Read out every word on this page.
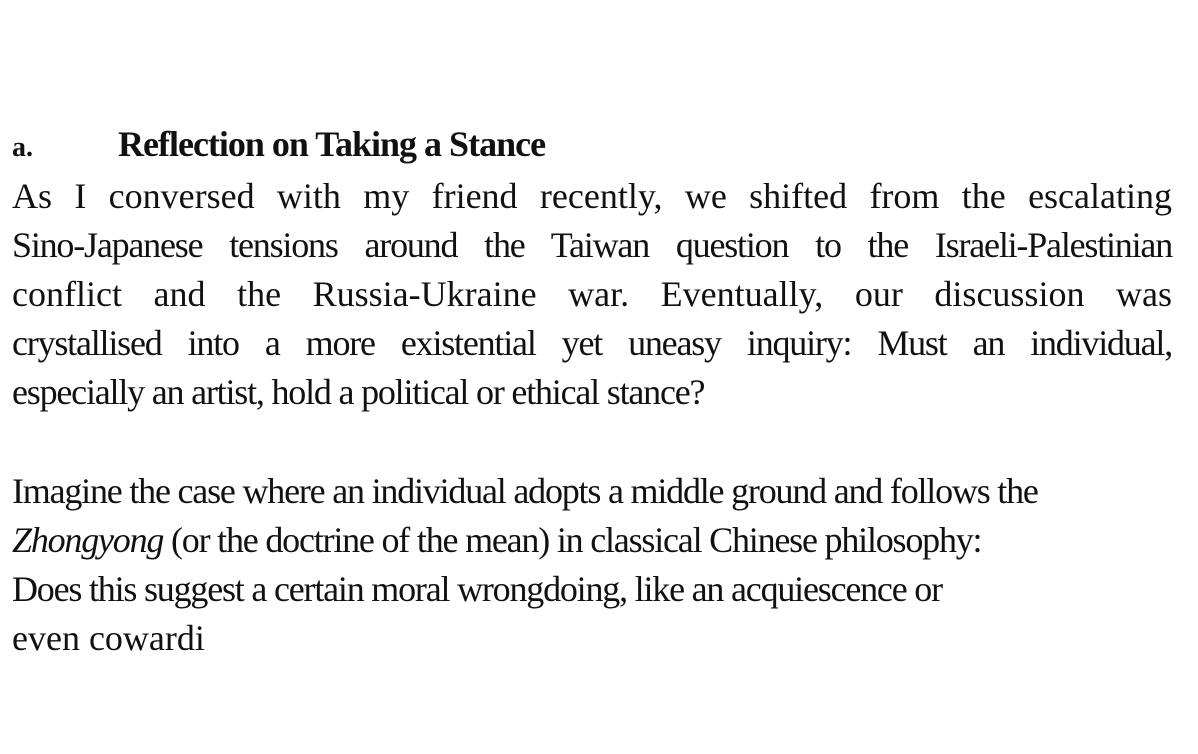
a.	Reflection on Taking a Stance

As I conversed with my friend recently, we shifted from the escalating
Sino-Japanese tensions around the Taiwan question to the Israeli-Palestinian
conflict and the Russia-Ukraine war. Eventually, our discussion was
crystallised into a more existential yet uneasy inquiry: Must an individual,
especially an artist, hold a political or ethical stance?

Imagine the case where an individual adopts a middle ground and follows the
Zhongyong (or the doctrine of the mean) in classical Chinese philosophy:
Does this suggest a certain moral wrongdoing, like an acquiescence or
even cowardi
